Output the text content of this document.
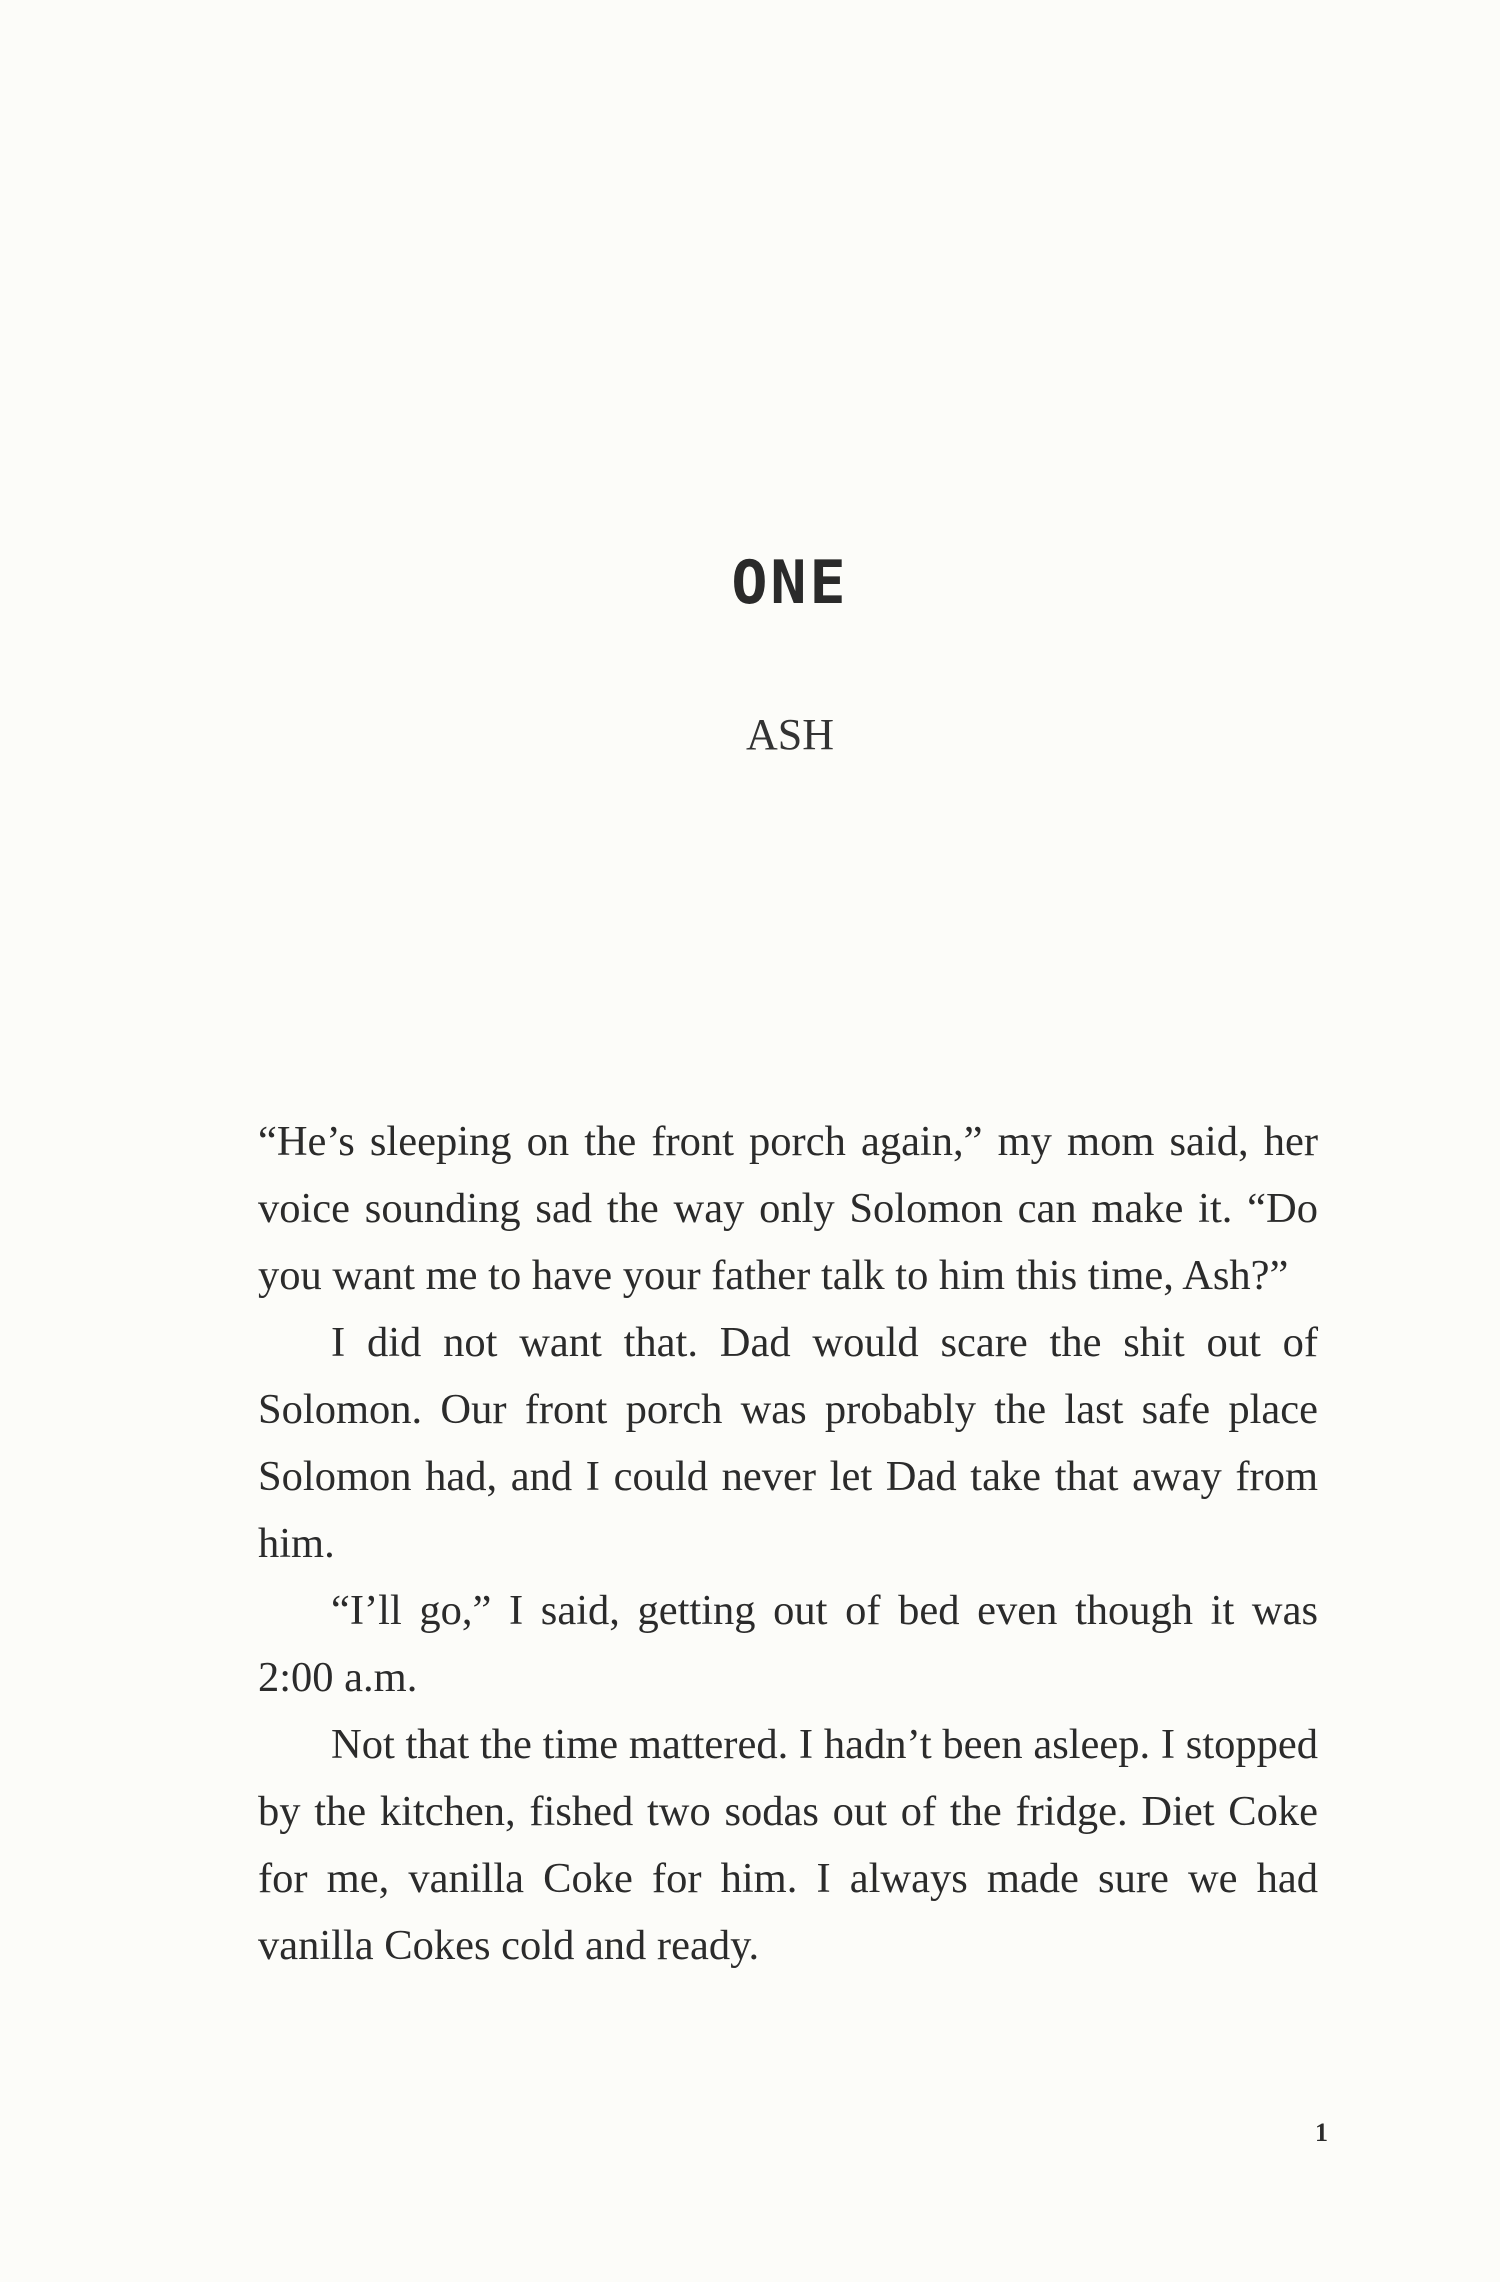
ONE
ASH

“He’s sleeping on the front porch again,” my mom said, her voice sounding sad the way only Solomon can make it. “Do you want me to have your father talk to him this time, Ash?”

I did not want that. Dad would scare the shit out of Solomon. Our front porch was probably the last safe place Solomon had, and I could never let Dad take that away from him.

“I’ll go,” I said, getting out of bed even though it was 2:00 a.m.

Not that the time mattered. I hadn’t been asleep. I stopped by the kitchen, fished two sodas out of the fridge. Diet Coke for me, vanilla Coke for him. I always made sure we had vanilla Cokes cold and ready.

1
